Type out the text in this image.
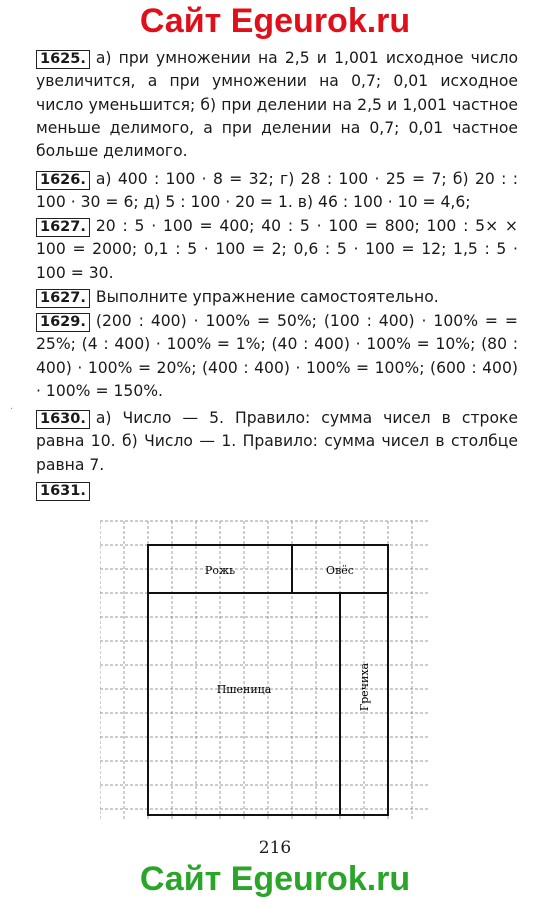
Сайт Egeurok.ru

1625. а) при умножении на 2,5 и 1,001 исходное число увеличится, а при умножении на 0,7; 0,01 исходное число уменьшится; б) при делении на 2,5 и 1,001 частное меньше делимого, а при делении на 0,7; 0,01 частное больше делимого.

1626. а) 400 : 100 · 8 = 32; г) 28 : 100 · 25 = 7; б) 20 : : 100 · 30 = 6; д) 5 : 100 · 20 = 1. в) 46 : 100 · 10 = 4,6;

1627. 20 : 5 · 100 = 400; 40 : 5 · 100 = 800; 100 : 5× × 100 = 2000; 0,1 : 5 · 100 = 2; 0,6 : 5 · 100 = 12; 1,5 : 5 · 100 = 30.

1627. Выполните упражнение самостоятельно.

1629. (200 : 400) · 100% = 50%; (100 : 400) · 100% = = 25%; (4 : 400) · 100% = 1%; (40 : 400) · 100% = 10%; (80 : 400) · 100% = 20%; (400 : 400) · 100% = 100%; (600 : 400) · 100% = 150%.

1630. а) Число — 5. Правило: сумма чисел в строке равна 10. б) Число — 1. Правило: сумма чисел в столбце равна 7.

1631.

·
Рожь	Овёс
Пшеница	Гречиха
216
Сайт Egeurok.ru
